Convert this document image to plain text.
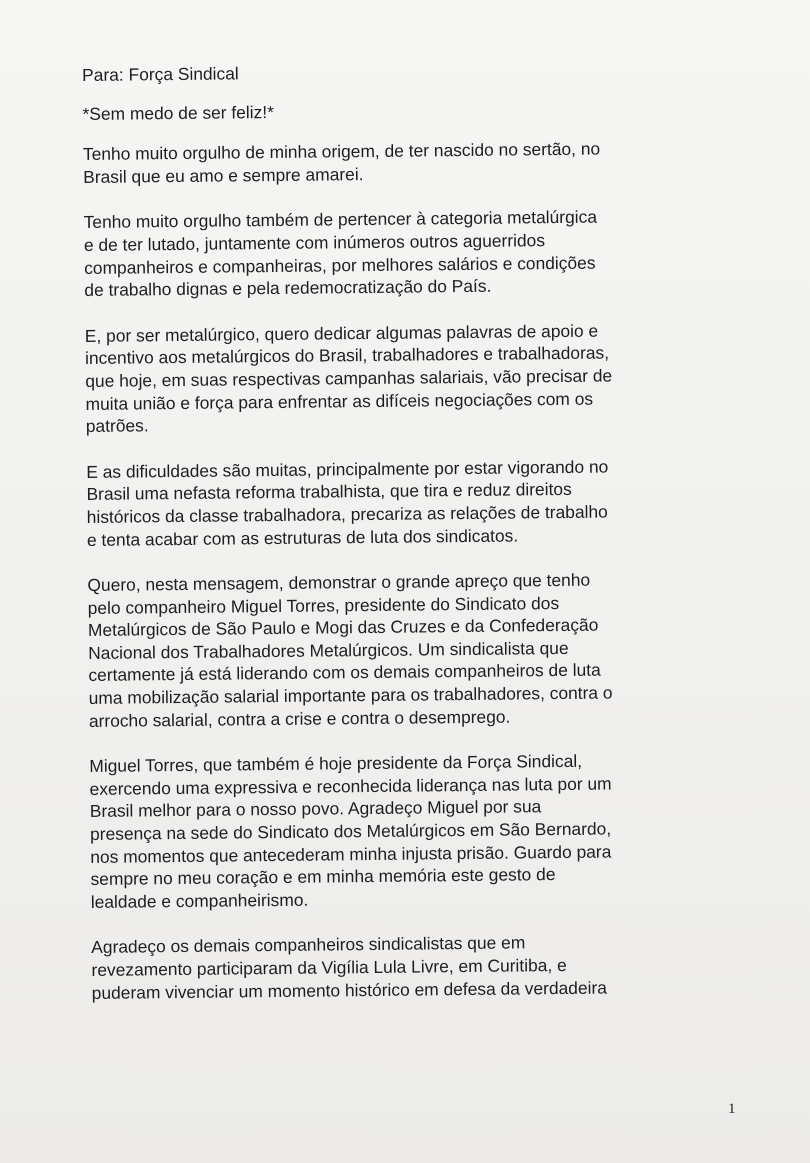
Para: Força Sindical

*Sem medo de ser feliz!*

Tenho muito orgulho de minha origem, de ter nascido no sertão, no
Brasil que eu amo e sempre amarei.

Tenho muito orgulho também de pertencer à categoria metalúrgica
e de ter lutado, juntamente com inúmeros outros aguerridos
companheiros e companheiras, por melhores salários e condições
de trabalho dignas e pela redemocratização do País.

E, por ser metalúrgico, quero dedicar algumas palavras de apoio e
incentivo aos metalúrgicos do Brasil, trabalhadores e trabalhadoras,
que hoje, em suas respectivas campanhas salariais, vão precisar de
muita união e força para enfrentar as difíceis negociações com os
patrões.

E as dificuldades são muitas, principalmente por estar vigorando no
Brasil uma nefasta reforma trabalhista, que tira e reduz direitos
históricos da classe trabalhadora, precariza as relações de trabalho
e tenta acabar com as estruturas de luta dos sindicatos.

Quero, nesta mensagem, demonstrar o grande apreço que tenho
pelo companheiro Miguel Torres, presidente do Sindicato dos
Metalúrgicos de São Paulo e Mogi das Cruzes e da Confederação
Nacional dos Trabalhadores Metalúrgicos. Um sindicalista que
certamente já está liderando com os demais companheiros de luta
uma mobilização salarial importante para os trabalhadores, contra o
arrocho salarial, contra a crise e contra o desemprego.

Miguel Torres, que também é hoje presidente da Força Sindical,
exercendo uma expressiva e reconhecida liderança nas luta por um
Brasil melhor para o nosso povo. Agradeço Miguel por sua
presença na sede do Sindicato dos Metalúrgicos em São Bernardo,
nos momentos que antecederam minha injusta prisão. Guardo para
sempre no meu coração e em minha memória este gesto de
lealdade e companheirismo.

Agradeço os demais companheiros sindicalistas que em
revezamento participaram da Vigília Lula Livre, em Curitiba, e
puderam vivenciar um momento histórico em defesa da verdadeira

1
